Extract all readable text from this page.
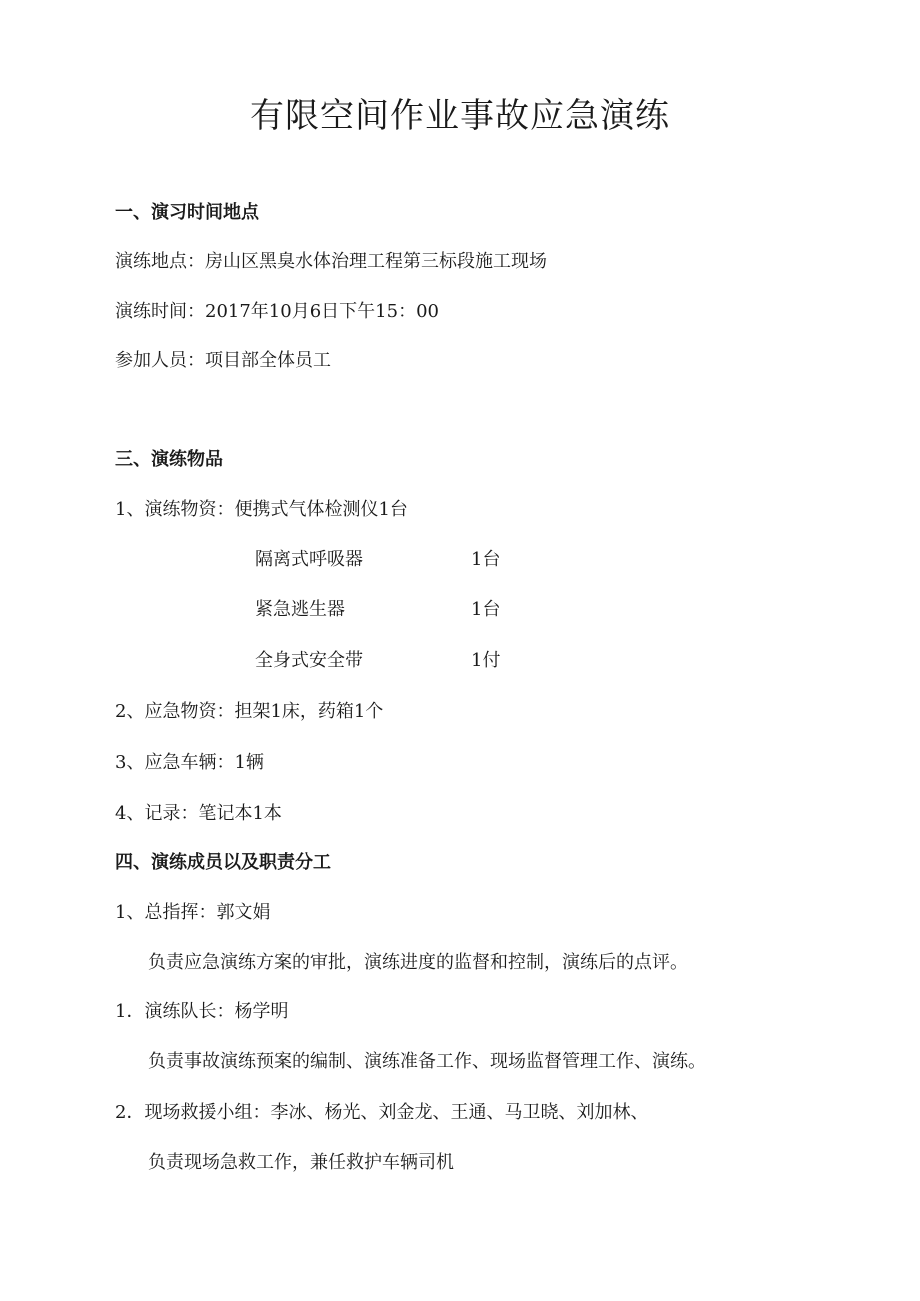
有限空间作业事故应急演练

一、演习时间地点

演练地点：房山区黑臭水体治理工程第三标段施工现场

演练时间：2017年10月6日下午15：00

参加人员：项目部全体员工

三、演练物品

1、演练物资：便携式气体检测仪1台

隔离式呼吸器	1台
紧急逃生器	1台
全身式安全带	1付

2、应急物资：担架1床，药箱1个

3、应急车辆：1辆

4、记录：笔记本1本

四、演练成员以及职责分工

1、总指挥：郭文娟

负责应急演练方案的审批，演练进度的监督和控制，演练后的点评。

1．演练队长：杨学明

负责事故演练预案的编制、演练准备工作、现场监督管理工作、演练。

2．现场救援小组：李冰、杨光、刘金龙、王通、马卫晓、刘加林、

负责现场急救工作，兼任救护车辆司机
